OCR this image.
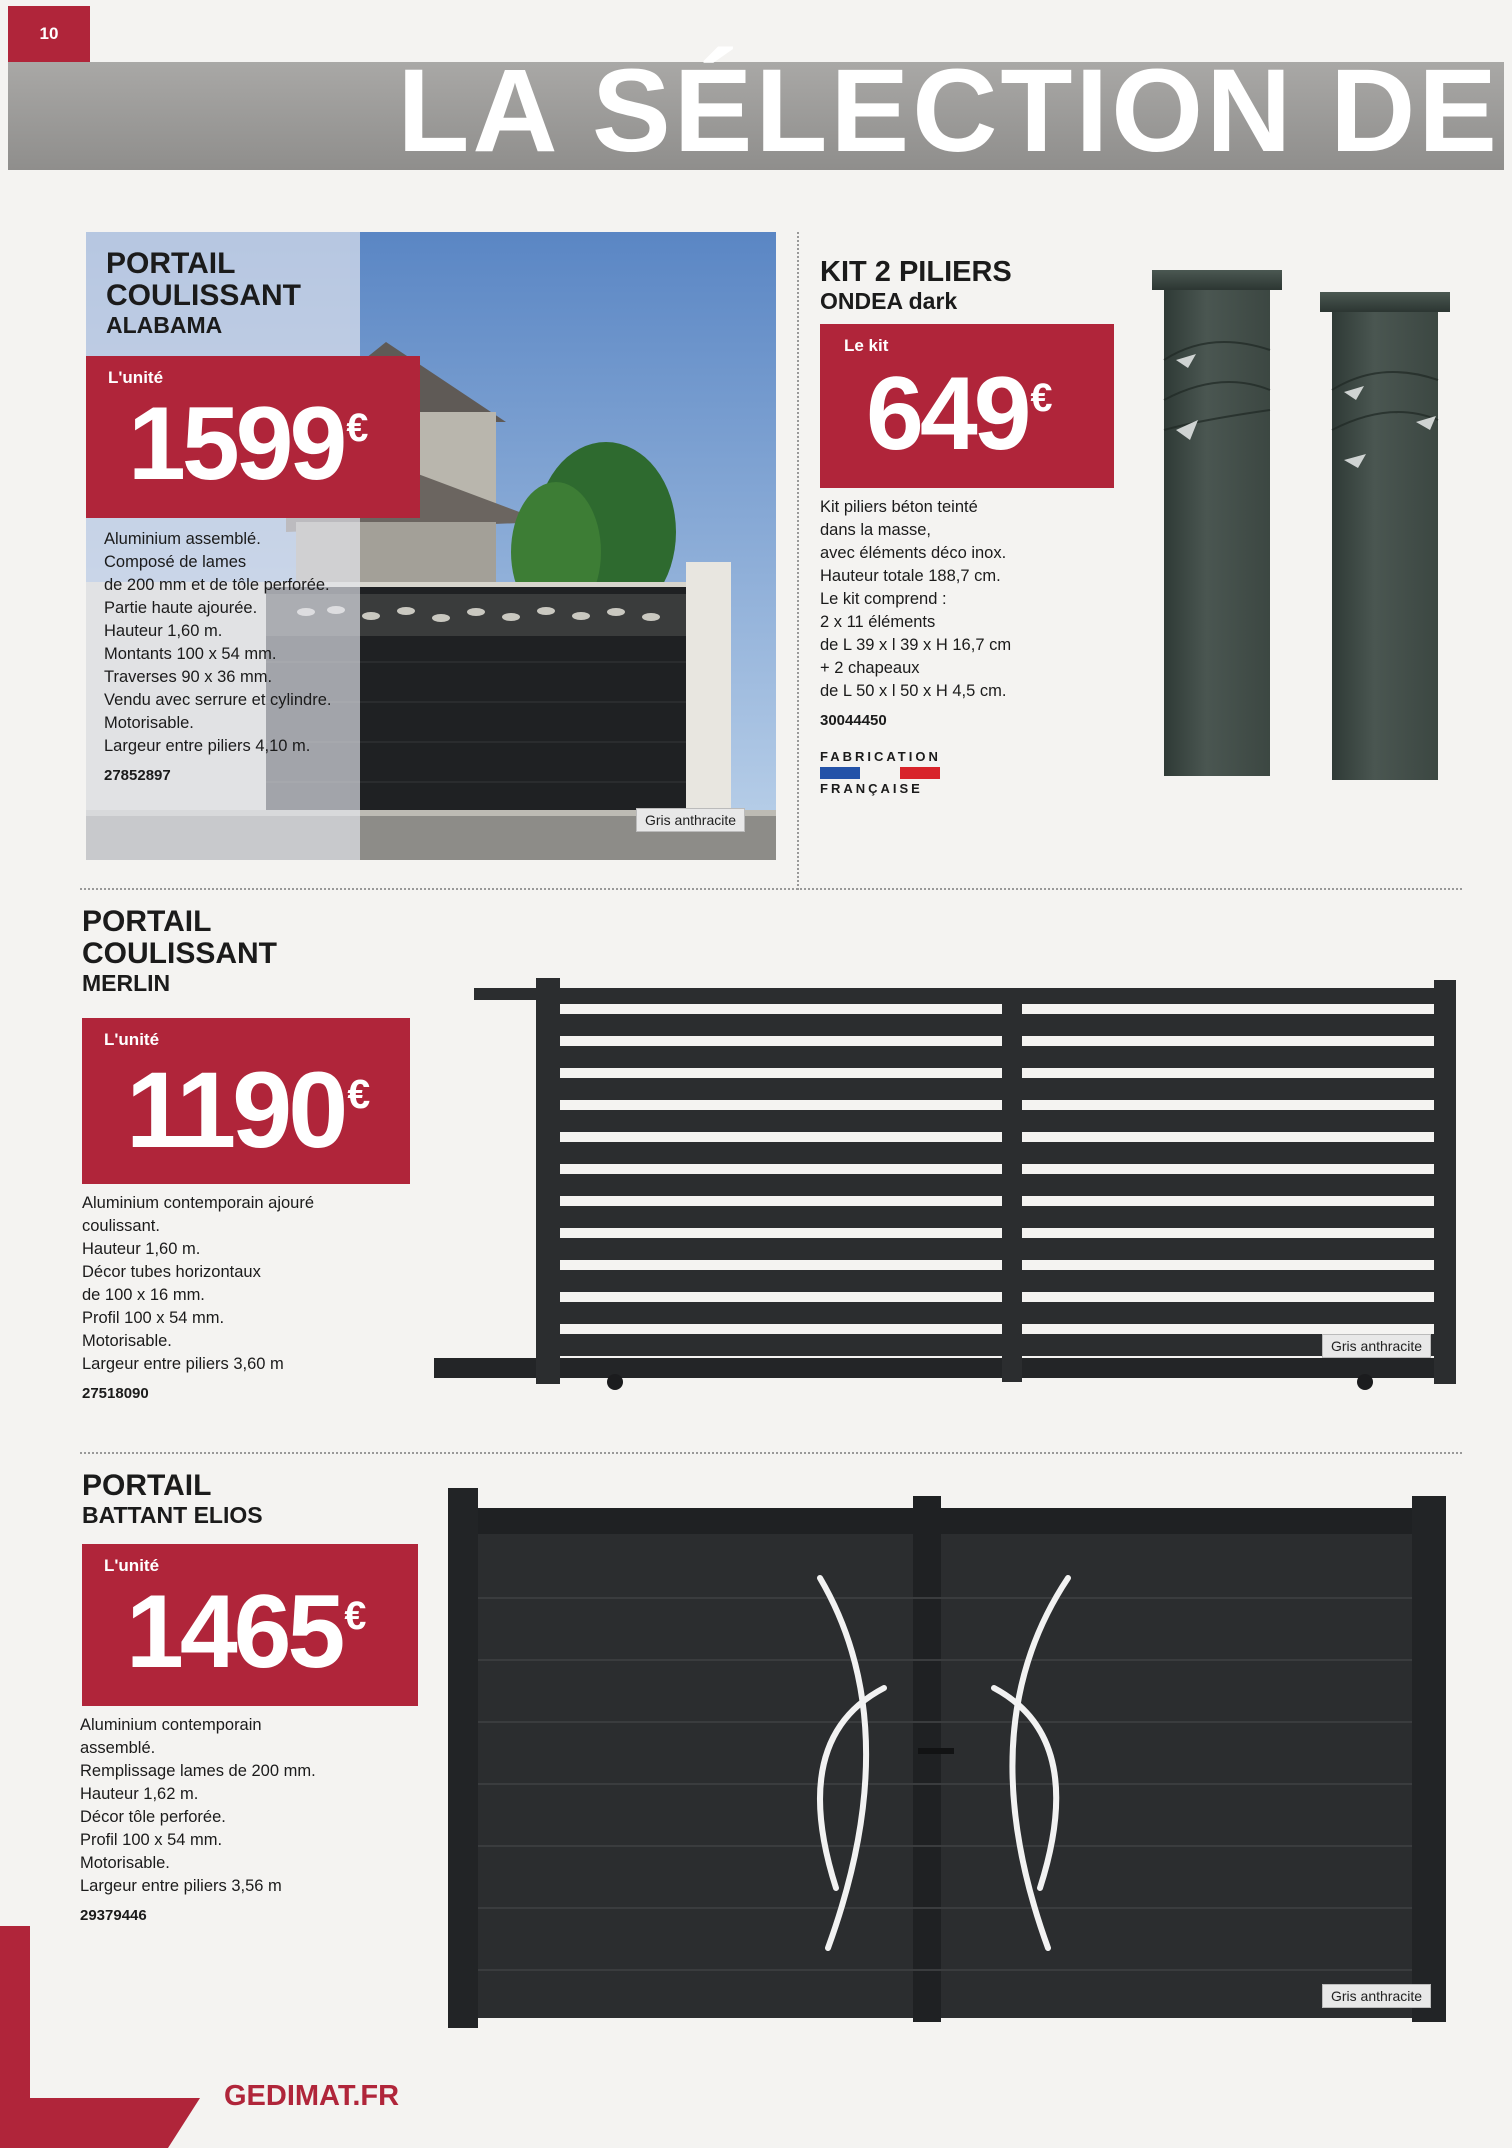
10
LA SÉLECTION DE
PORTAIL
COULISSANT
ALABAMA
L'unité
1599€
Aluminium assemblé.
Composé de lames
de 200 mm et de tôle perforée.
Partie haute ajourée.
Hauteur 1,60 m.
Montants 100 x 54 mm.
Traverses 90 x 36 mm.
Vendu avec serrure et cylindre.
Motorisable.
Largeur entre piliers 4,10 m.
27852897
Gris anthracite
KIT 2 PILIERS
ONDEA dark
Le kit
649€
Kit piliers béton teinté
dans la masse,
avec éléments déco inox.
Hauteur totale 188,7 cm.
Le kit comprend :
2 x 11 éléments
de L 39 x l 39 x H 16,7 cm
+ 2 chapeaux
de L 50 x l 50 x H 4,5 cm.
30044450
FABRICATION
FRANÇAISE
PORTAIL
COULISSANT
MERLIN
L'unité
1190€
Aluminium contemporain ajouré
coulissant.
Hauteur 1,60 m.
Décor tubes horizontaux
de 100 x 16 mm.
Profil 100 x 54 mm.
Motorisable.
Largeur entre piliers 3,60 m
27518090
Gris anthracite
PORTAIL
BATTANT ELIOS
L'unité
1465€
Aluminium contemporain
assemblé.
Remplissage lames de 200 mm.
Hauteur 1,62 m.
Décor tôle perforée.
Profil 100 x 54 mm.
Motorisable.
Largeur entre piliers 3,56 m
29379446
Gris anthracite
GEDIMAT.FR
